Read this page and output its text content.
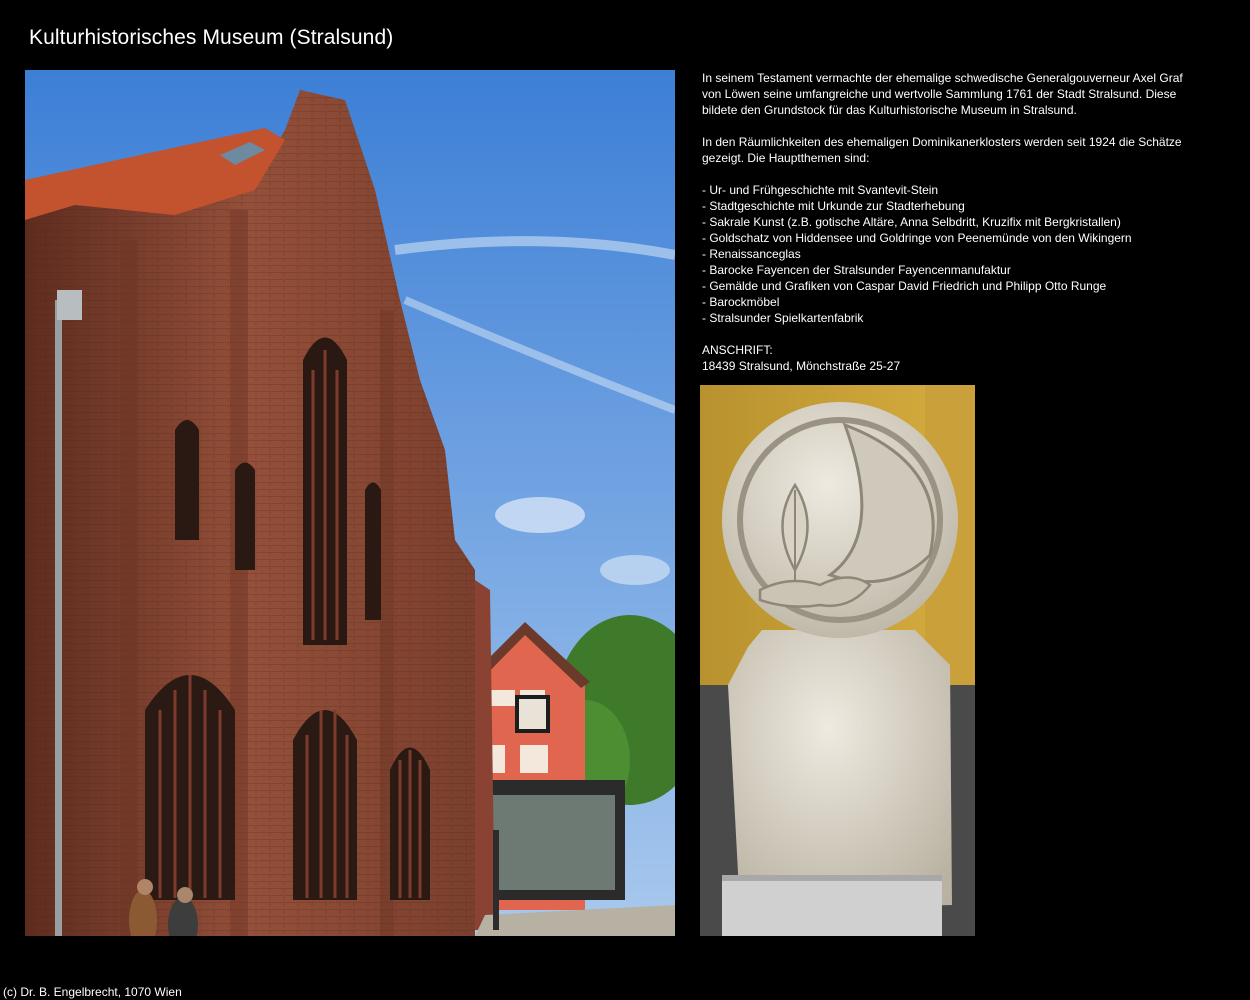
Kulturhistorisches Museum (Stralsund)

In seinem Testament vermachte der ehemalige schwedische Generalgouverneur Axel Graf von Löwen seine umfangreiche und wertvolle Sammlung 1761 der Stadt Stralsund. Diese bildete den Grundstock für das Kulturhistorische Museum in Stralsund.

In den Räumlichkeiten des ehemaligen Dominikanerklosters werden seit 1924 die Schätze gezeigt. Die Hauptthemen sind:

- Ur- und Frühgeschichte mit Svantevit-Stein
- Stadtgeschichte mit Urkunde zur Stadterhebung
- Sakrale Kunst (z.B. gotische Altäre, Anna Selbdritt, Kruzifix mit Bergkristallen)
- Goldschatz von Hiddensee und Goldringe von Peenemünde von den Wikingern
- Renaissanceglas
- Barocke Fayencen der Stralsunder Fayencenmanufaktur
- Gemälde und Grafiken von Caspar David Friedrich und Philipp Otto Runge
- Barockmöbel
- Stralsunder Spielkartenfabrik

ANSCHRIFT:

18439 Stralsund, Mönchstraße 25-27

(c) Dr. B. Engelbrecht, 1070 Wien
